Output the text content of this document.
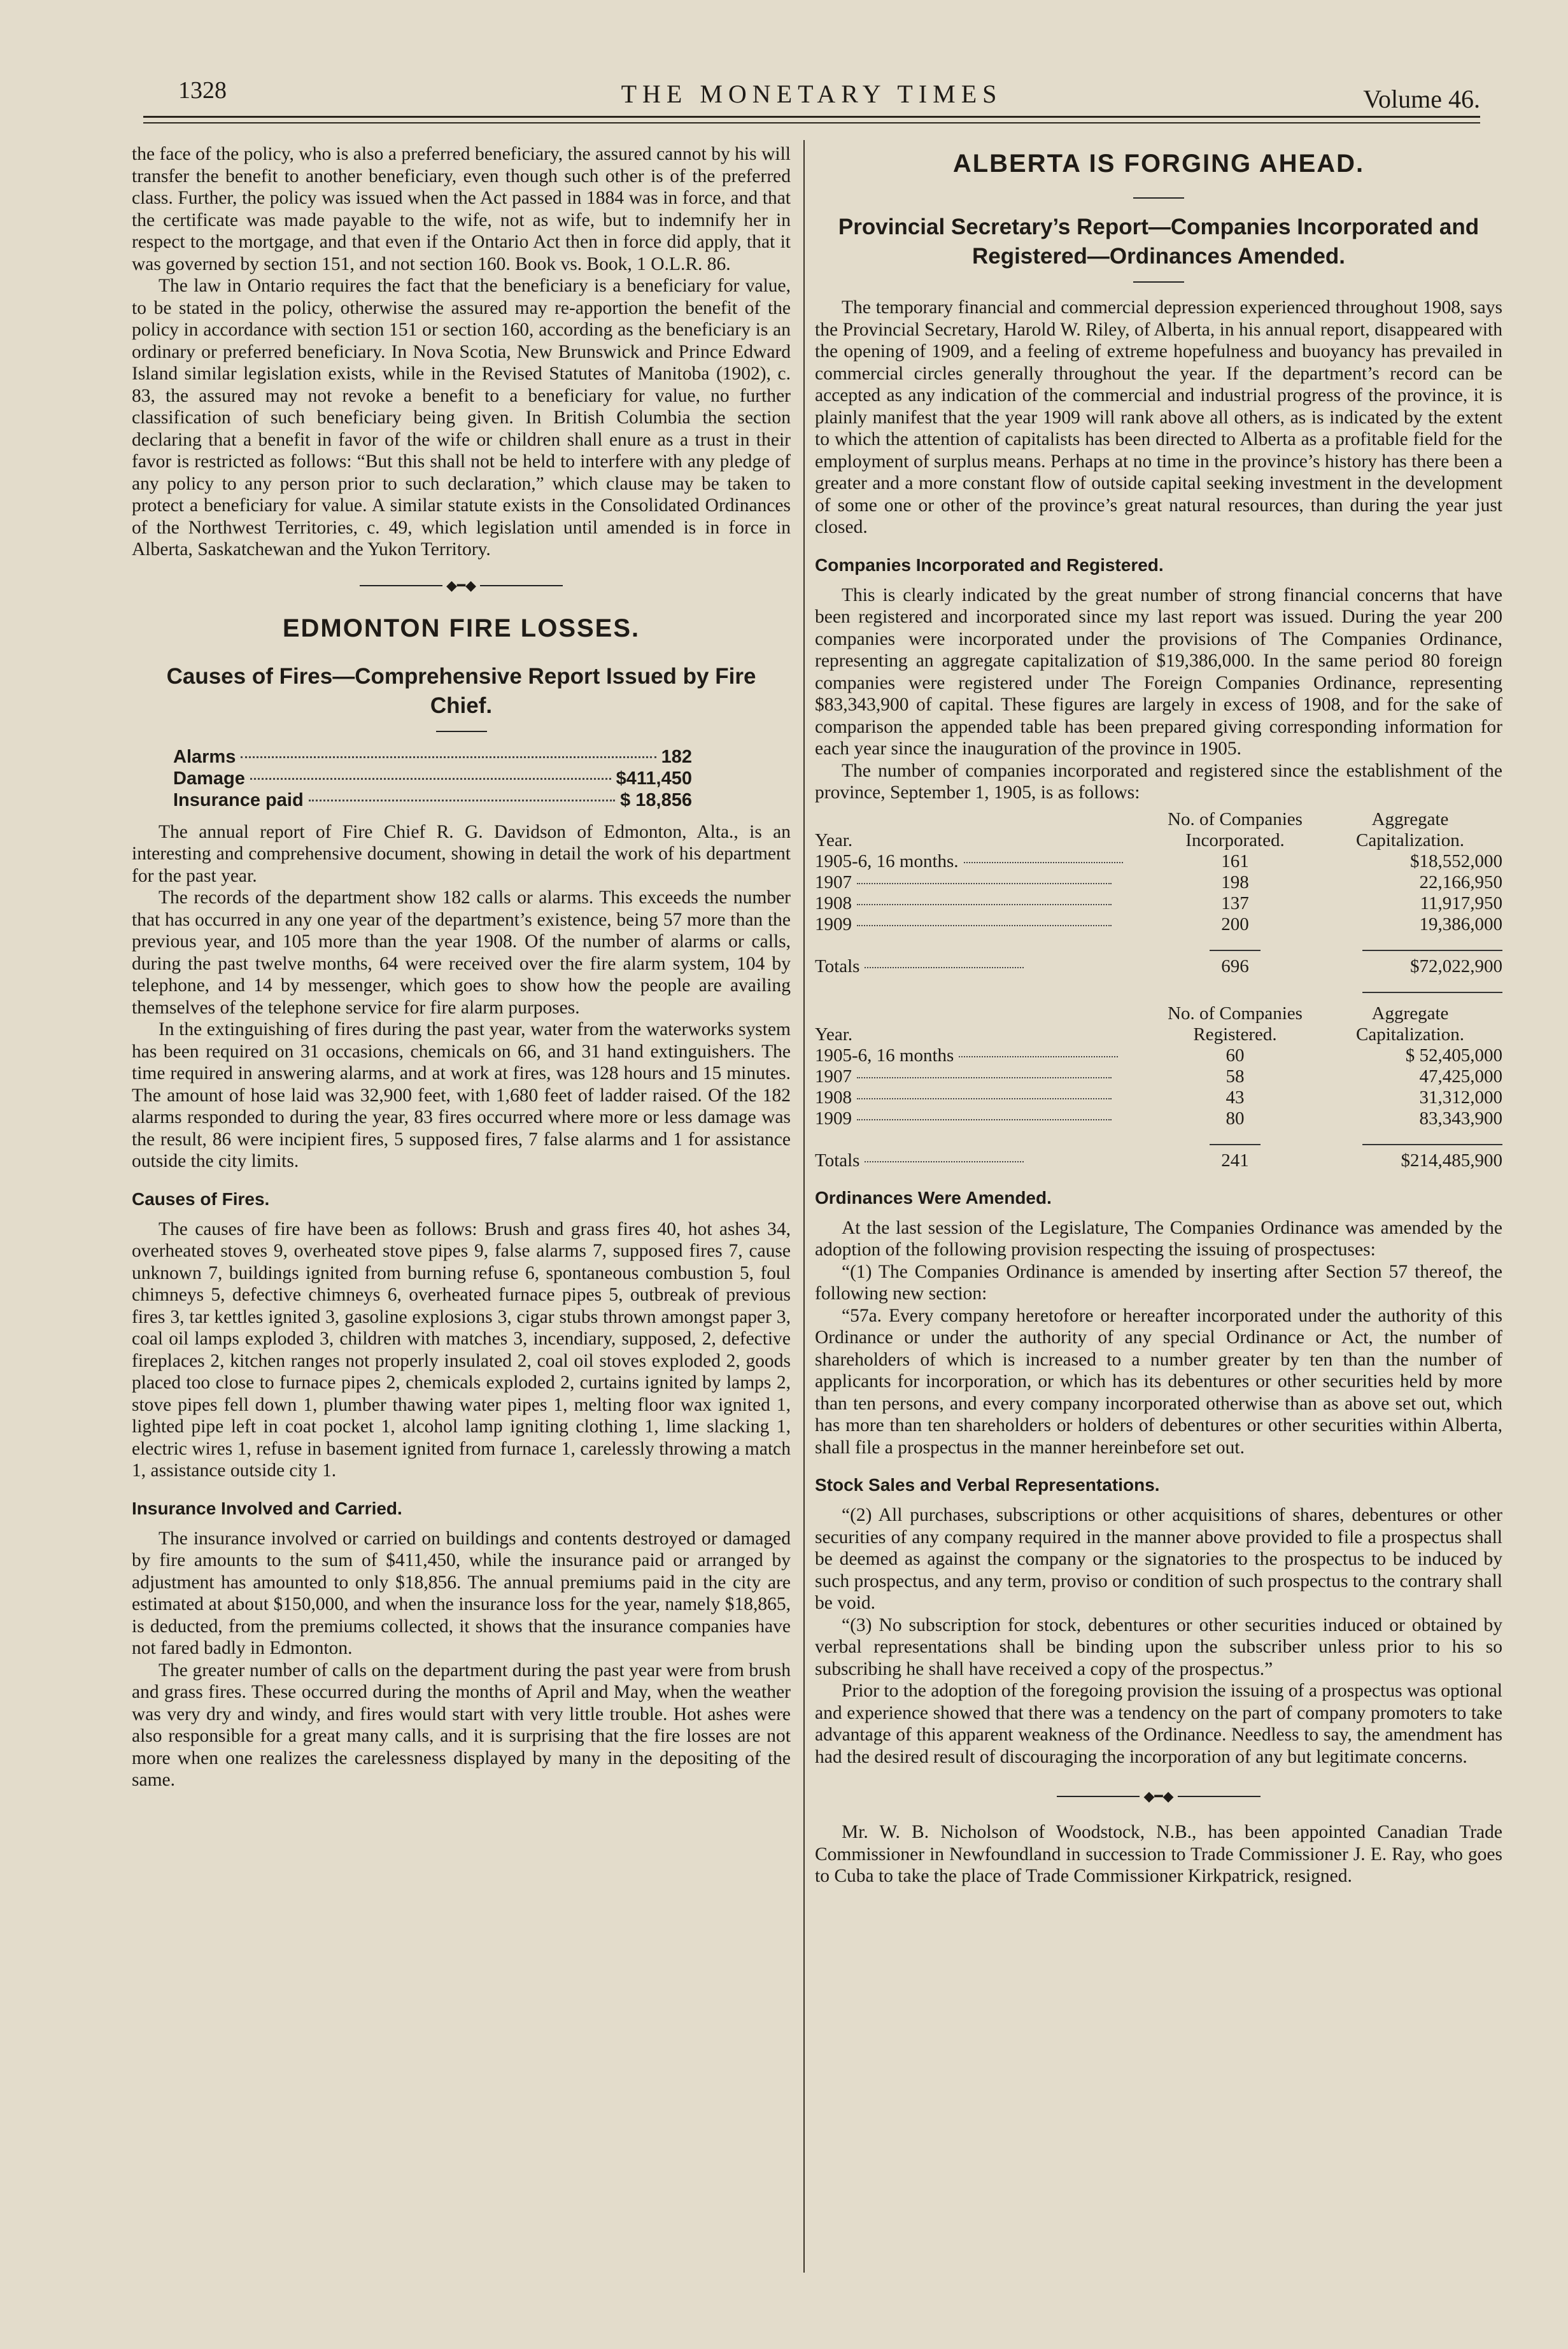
1328	THE MONETARY TIMES	Volume 46.

the face of the policy, who is also a preferred beneficiary, the assured cannot by his will transfer the benefit to another beneficiary, even though such other is of the preferred class. Further, the policy was issued when the Act passed in 1884 was in force, and that the certificate was made payable to the wife, not as wife, but to indemnify her in respect to the mortgage, and that even if the Ontario Act then in force did apply, that it was governed by section 151, and not section 160. Book vs. Book, 1 O.L.R. 86.

The law in Ontario requires the fact that the beneficiary is a beneficiary for value, to be stated in the policy, otherwise the assured may re-apportion the benefit of the policy in accordance with section 151 or section 160, according as the beneficiary is an ordinary or preferred beneficiary. In Nova Scotia, New Brunswick and Prince Edward Island similar legislation exists, while in the Revised Statutes of Manitoba (1902), c. 83, the assured may not revoke a benefit to a beneficiary for value, no further classification of such beneficiary being given. In British Columbia the section declaring that a benefit in favor of the wife or children shall enure as a trust in their favor is restricted as follows: “But this shall not be held to interfere with any pledge of any policy to any person prior to such declaration,” which clause may be taken to protect a beneficiary for value. A similar statute exists in the Consolidated Ordinances of the Northwest Territories, c. 49, which legislation until amended is in force in Alberta, Saskatchewan and the Yukon Territory.

◆━◆
EDMONTON FIRE LOSSES.
Causes of Fires—Comprehensive Report Issued by Fire Chief.
Alarms	182
Damage	$411,450
Insurance paid	$ 18,856

The annual report of Fire Chief R. G. Davidson of Edmonton, Alta., is an interesting and comprehensive document, showing in detail the work of his department for the past year.

The records of the department show 182 calls or alarms. This exceeds the number that has occurred in any one year of the department’s existence, being 57 more than the previous year, and 105 more than the year 1908. Of the number of alarms or calls, during the past twelve months, 64 were received over the fire alarm system, 104 by telephone, and 14 by messenger, which goes to show how the people are availing themselves of the telephone service for fire alarm purposes.

In the extinguishing of fires during the past year, water from the waterworks system has been required on 31 occasions, chemicals on 66, and 31 hand extinguishers. The time required in answering alarms, and at work at fires, was 128 hours and 15 minutes. The amount of hose laid was 32,900 feet, with 1,680 feet of ladder raised. Of the 182 alarms responded to during the year, 83 fires occurred where more or less damage was the result, 86 were incipient fires, 5 supposed fires, 7 false alarms and 1 for assistance outside the city limits.

Causes of Fires.

The causes of fire have been as follows: Brush and grass fires 40, hot ashes 34, overheated stoves 9, overheated stove pipes 9, false alarms 7, supposed fires 7, cause unknown 7, buildings ignited from burning refuse 6, spontaneous combustion 5, foul chimneys 5, defective chimneys 6, overheated furnace pipes 5, outbreak of previous fires 3, tar kettles ignited 3, gasoline explosions 3, cigar stubs thrown amongst paper 3, coal oil lamps exploded 3, children with matches 3, incendiary, supposed, 2, defective fireplaces 2, kitchen ranges not properly insulated 2, coal oil stoves exploded 2, goods placed too close to furnace pipes 2, chemicals exploded 2, curtains ignited by lamps 2, stove pipes fell down 1, plumber thawing water pipes 1, melting floor wax ignited 1, lighted pipe left in coat pocket 1, alcohol lamp igniting clothing 1, lime slacking 1, electric wires 1, refuse in basement ignited from furnace 1, carelessly throwing a match 1, assistance outside city 1.

Insurance Involved and Carried.

The insurance involved or carried on buildings and contents destroyed or damaged by fire amounts to the sum of $411,450, while the insurance paid or arranged by adjustment has amounted to only $18,856. The annual premiums paid in the city are estimated at about $150,000, and when the insurance loss for the year, namely $18,865, is deducted, from the premiums collected, it shows that the insurance companies have not fared badly in Edmonton.

The greater number of calls on the department during the past year were from brush and grass fires. These occurred during the months of April and May, when the weather was very dry and windy, and fires would start with very little trouble. Hot ashes were also responsible for a great many calls, and it is surprising that the fire losses are not more when one realizes the carelessness displayed by many in the depositing of the same.

ALBERTA IS FORGING AHEAD.
Provincial Secretary’s Report—Companies Incorporated and Registered—Ordinances Amended.

The temporary financial and commercial depression experienced throughout 1908, says the Provincial Secretary, Harold W. Riley, of Alberta, in his annual report, disappeared with the opening of 1909, and a feeling of extreme hopefulness and buoyancy has prevailed in commercial circles generally throughout the year. If the department’s record can be accepted as any indication of the commercial and industrial progress of the province, it is plainly manifest that the year 1909 will rank above all others, as is indicated by the extent to which the attention of capitalists has been directed to Alberta as a profitable field for the employment of surplus means. Perhaps at no time in the province’s history has there been a greater and a more constant flow of outside capital seeking investment in the development of some one or other of the province’s great natural resources, than during the year just closed.

Companies Incorporated and Registered.

This is clearly indicated by the great number of strong financial concerns that have been registered and incorporated since my last report was issued. During the year 200 companies were incorporated under the provisions of The Companies Ordinance, representing an aggregate capitalization of $19,386,000. In the same period 80 foreign companies were registered under The Foreign Companies Ordinance, representing $83,343,900 of capital. These figures are largely in excess of 1908, and for the sake of comparison the appended table has been prepared giving corresponding information for each year since the inauguration of the province in 1905.

The number of companies incorporated and registered since the establishment of the province, September 1, 1905, is as follows:

Year.	No. of Companies Incorporated.	Aggregate Capitalization.
1905-6, 16 months.	161	$18,552,000
1907	198	22,166,950
1908	137	11,917,950
1909	200	19,386,000

Totals	696	$72,022,900

Year.	No. of Companies Registered.	Aggregate Capitalization.
1905-6, 16 months	60	$ 52,405,000
1907	58	47,425,000
1908	43	31,312,000
1909	80	83,343,900

Totals	241	$214,485,900
Ordinances Were Amended.

At the last session of the Legislature, The Companies Ordinance was amended by the adoption of the following provision respecting the issuing of prospectuses:

“(1) The Companies Ordinance is amended by inserting after Section 57 thereof, the following new section:

“57a. Every company heretofore or hereafter incorporated under the authority of this Ordinance or under the authority of any special Ordinance or Act, the number of shareholders of which is increased to a number greater by ten than the number of applicants for incorporation, or which has its debentures or other securities held by more than ten persons, and every company incorporated otherwise than as above set out, which has more than ten shareholders or holders of debentures or other securities within Alberta, shall file a prospectus in the manner hereinbefore set out.

Stock Sales and Verbal Representations.

“(2) All purchases, subscriptions or other acquisitions of shares, debentures or other securities of any company required in the manner above provided to file a prospectus shall be deemed as against the company or the signatories to the prospectus to be induced by such prospectus, and any term, proviso or condition of such prospectus to the contrary shall be void.

“(3) No subscription for stock, debentures or other securities induced or obtained by verbal representations shall be binding upon the subscriber unless prior to his so subscribing he shall have received a copy of the prospectus.”

Prior to the adoption of the foregoing provision the issuing of a prospectus was optional and experience showed that there was a tendency on the part of company promoters to take advantage of this apparent weakness of the Ordinance. Needless to say, the amendment has had the desired result of discouraging the incorporation of any but legitimate concerns.

◆━◆

Mr. W. B. Nicholson of Woodstock, N.B., has been appointed Canadian Trade Commissioner in Newfoundland in succession to Trade Commissioner J. E. Ray, who goes to Cuba to take the place of Trade Commissioner Kirkpatrick, resigned.
